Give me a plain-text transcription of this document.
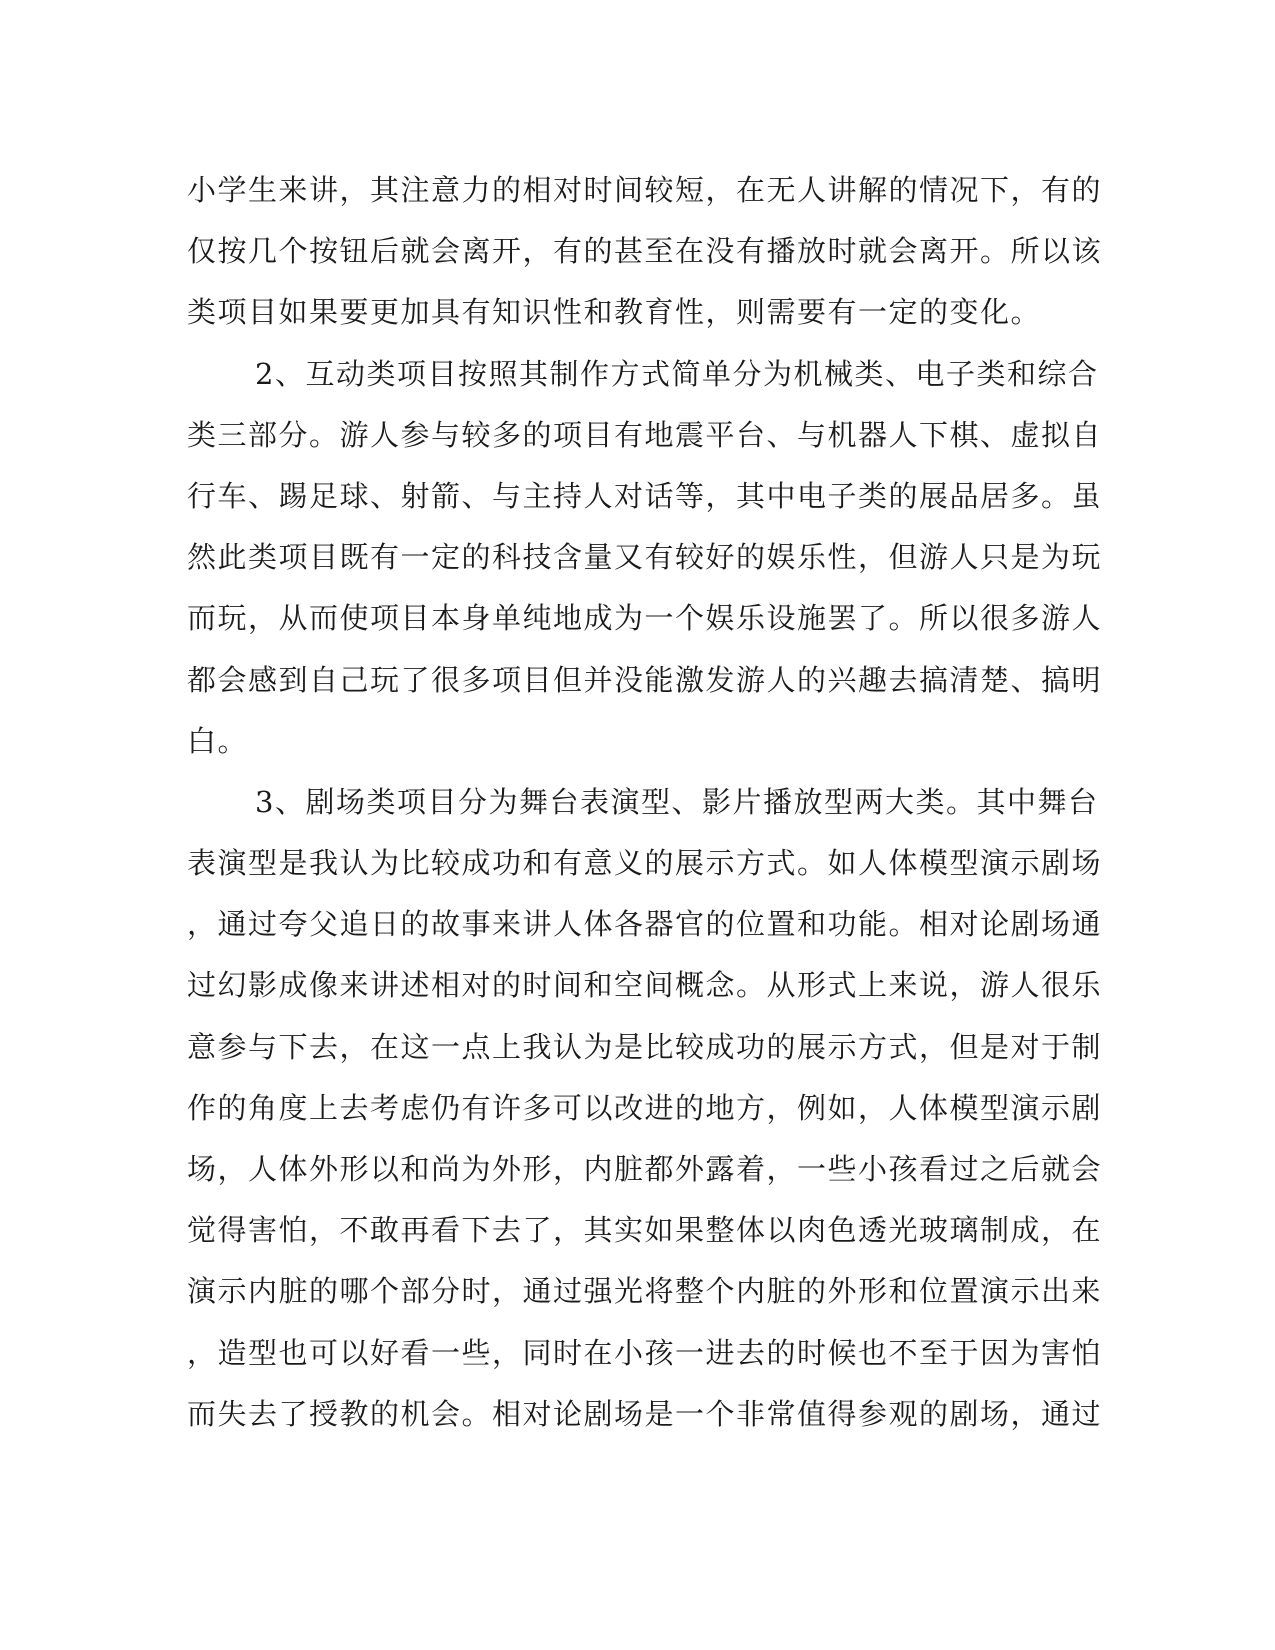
小学生来讲，其注意力的相对时间较短，在无人讲解的情况下，有的
仅按几个按钮后就会离开，有的甚至在没有播放时就会离开。所以该
类项目如果要更加具有知识性和教育性，则需要有一定的变化。
2、互动类项目按照其制作方式简单分为机械类、电子类和综合
类三部分。游人参与较多的项目有地震平台、与机器人下棋、虚拟自
行车、踢足球、射箭、与主持人对话等，其中电子类的展品居多。虽
然此类项目既有一定的科技含量又有较好的娱乐性，但游人只是为玩
而玩，从而使项目本身单纯地成为一个娱乐设施罢了。所以很多游人
都会感到自己玩了很多项目但并没能激发游人的兴趣去搞清楚、搞明
白。
3、剧场类项目分为舞台表演型、影片播放型两大类。其中舞台
表演型是我认为比较成功和有意义的展示方式。如人体模型演示剧场
，通过夸父追日的故事来讲人体各器官的位置和功能。相对论剧场通
过幻影成像来讲述相对的时间和空间概念。从形式上来说，游人很乐
意参与下去，在这一点上我认为是比较成功的展示方式，但是对于制
作的角度上去考虑仍有许多可以改进的地方，例如，人体模型演示剧
场，人体外形以和尚为外形，内脏都外露着，一些小孩看过之后就会
觉得害怕，不敢再看下去了，其实如果整体以肉色透光玻璃制成，在
演示内脏的哪个部分时，通过强光将整个内脏的外形和位置演示出来
，造型也可以好看一些，同时在小孩一进去的时候也不至于因为害怕
而失去了授教的机会。相对论剧场是一个非常值得参观的剧场，通过
